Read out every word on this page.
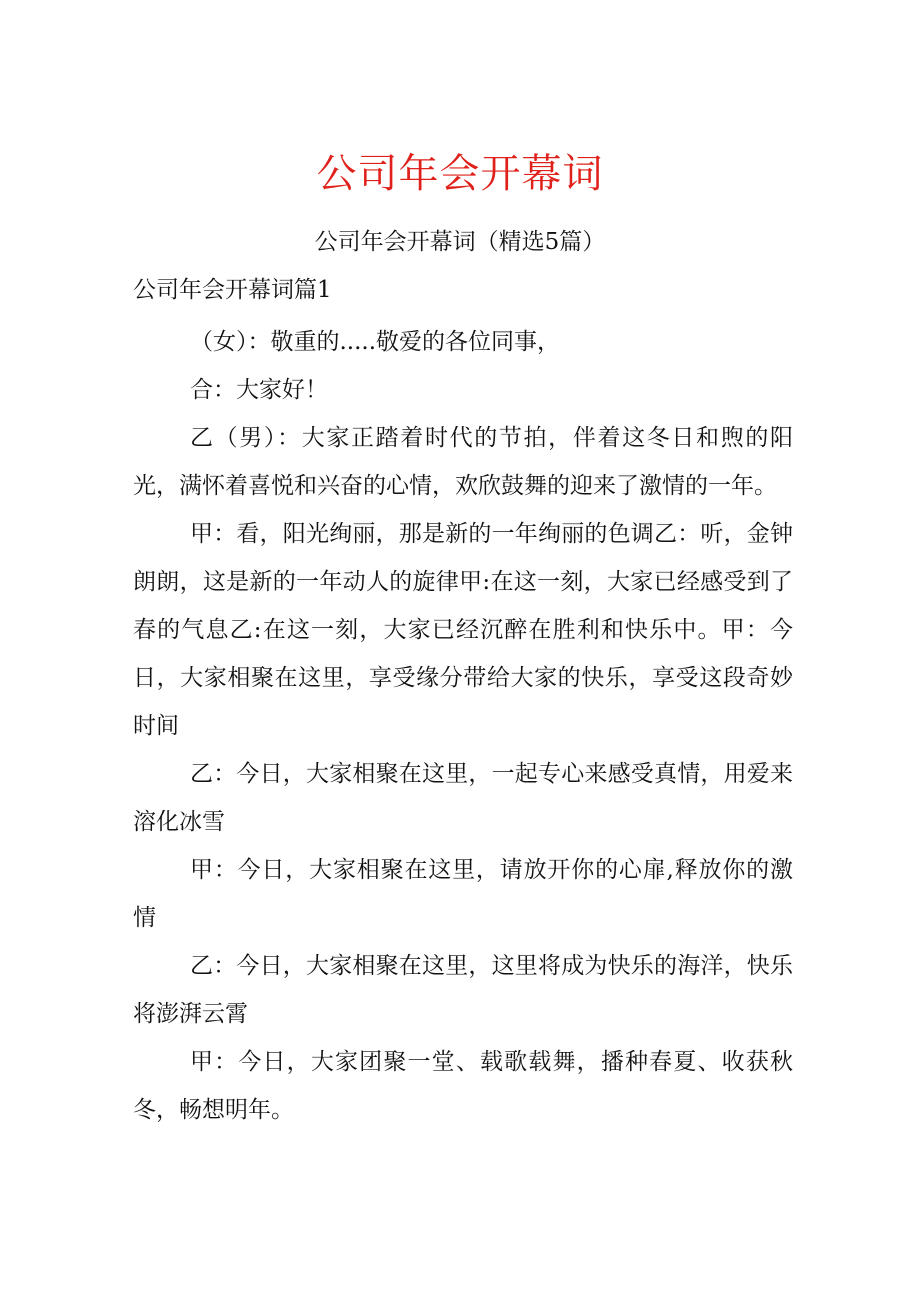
公司年会开幕词
公司年会开幕词（精选5篇）
公司年会开幕词篇1

（女）：敬重的.....敬爱的各位同事，

合：大家好！

乙（男）：大家正踏着时代的节拍，伴着这冬日和煦的阳光，满怀着喜悦和兴奋的心情，欢欣鼓舞的迎来了激情的一年。

甲：看，阳光绚丽，那是新的一年绚丽的色调乙：听，金钟朗朗，这是新的一年动人的旋律甲:在这一刻，大家已经感受到了春的气息乙:在这一刻，大家已经沉醉在胜利和快乐中。甲：今日，大家相聚在这里，享受缘分带给大家的快乐，享受这段奇妙时间

乙：今日，大家相聚在这里，一起专心来感受真情，用爱来溶化冰雪

甲：今日，大家相聚在这里，请放开你的心扉,释放你的激情

乙：今日，大家相聚在这里，这里将成为快乐的海洋，快乐将澎湃云霄

甲：今日，大家团聚一堂、载歌载舞，播种春夏、收获秋冬，畅想明年。
